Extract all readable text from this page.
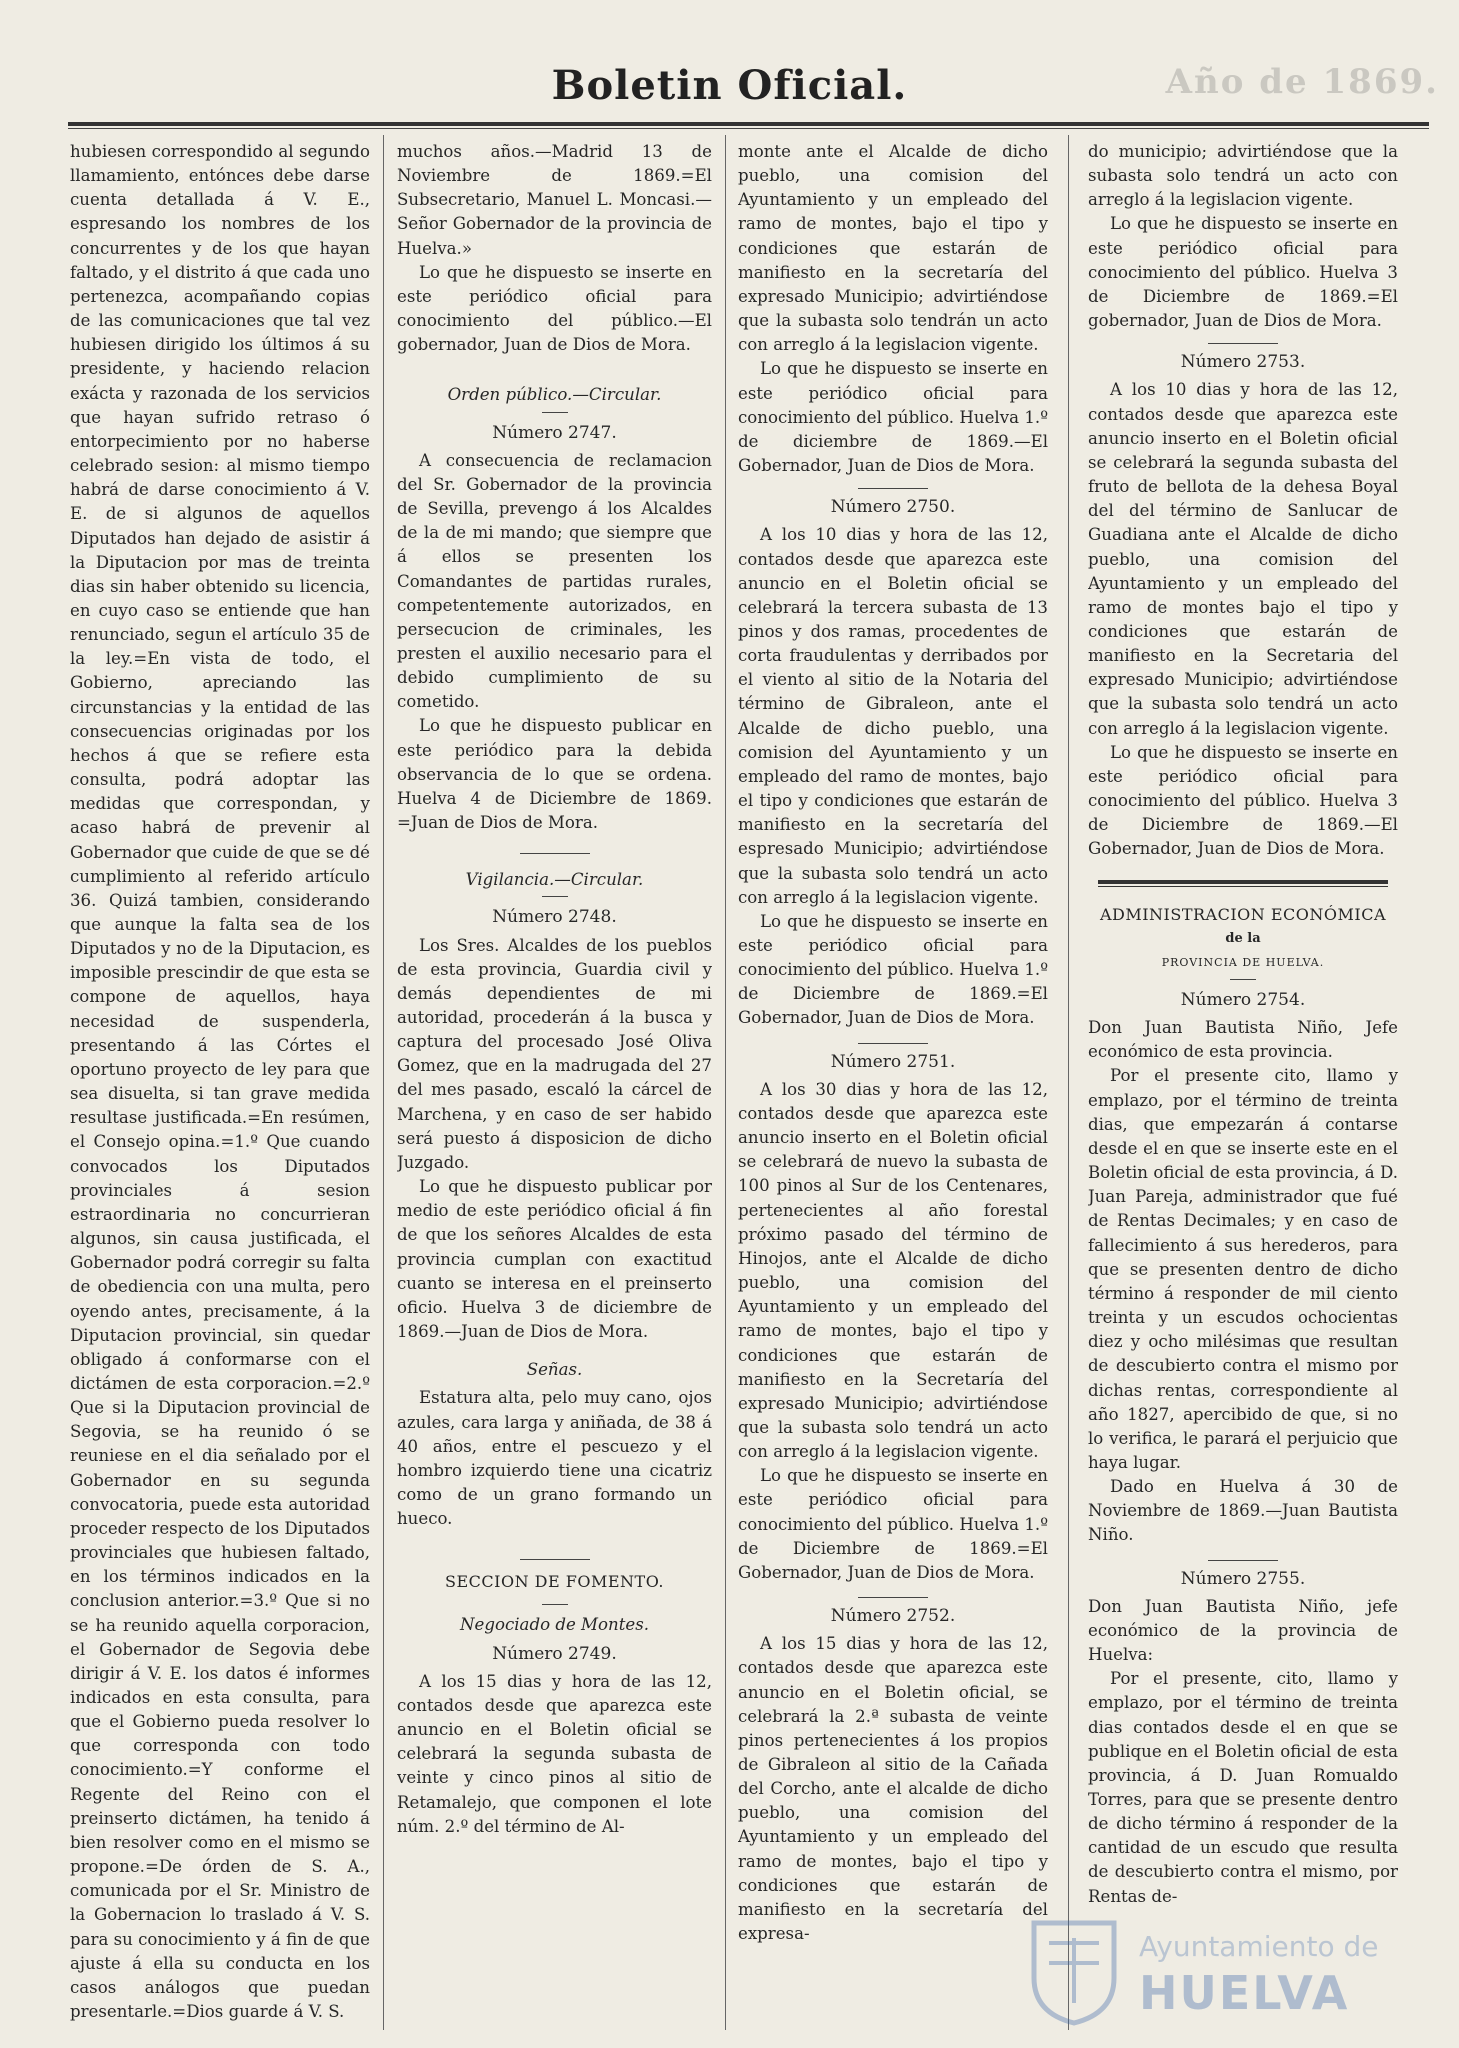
Boletin Oficial.	Año de 1869.

hubiesen correspondido al segundo llamamiento, entónces debe darse cuenta detallada á V. E., espresando los nombres de los concurrentes y de los que hayan faltado, y el distrito á que cada uno pertenezca, acompañando copias de las comunicaciones que tal vez hubiesen dirigido los últimos á su presidente, y haciendo relacion exácta y razonada de los servicios que hayan sufrido retraso ó entorpecimiento por no haberse celebrado sesion: al mismo tiempo habrá de darse conocimiento á V. E. de si algunos de aquellos Diputados han dejado de asistir á la Diputacion por mas de treinta dias sin haber obtenido su licencia, en cuyo caso se entiende que han renunciado, segun el artículo 35 de la ley.=En vista de todo, el Gobierno, apreciando las circunstancias y la entidad de las consecuencias originadas por los hechos á que se refiere esta consulta, podrá adoptar las medidas que correspondan, y acaso habrá de prevenir al Gobernador que cuide de que se dé cumplimiento al referido artículo 36. Quizá tambien, considerando que aunque la falta sea de los Diputados y no de la Diputacion, es imposible prescindir de que esta se compone de aquellos, haya necesidad de suspenderla, presentando á las Córtes el oportuno proyecto de ley para que sea disuelta, si tan grave medida resultase justificada.=En resúmen, el Consejo opina.=1.º Que cuando convocados los Diputados provinciales á sesion estraordinaria no concurrieran algunos, sin causa justificada, el Gobernador podrá corregir su falta de obediencia con una multa, pero oyendo antes, precisamente, á la Diputacion provincial, sin quedar obligado á conformarse con el dictámen de esta corporacion.=2.º Que si la Diputacion provincial de Segovia, se ha reunido ó se reuniese en el dia señalado por el Gobernador en su segunda convocatoria, puede esta autoridad proceder respecto de los Diputados provinciales que hubiesen faltado, en los términos indicados en la conclusion anterior.=3.º Que si no se ha reunido aquella corporacion, el Gobernador de Segovia debe dirigir á V. E. los datos é informes indicados en esta consulta, para que el Gobierno pueda resolver lo que corresponda con todo conocimiento.=Y conforme el Regente del Reino con el preinserto dictámen, ha tenido á bien resolver como en el mismo se propone.=De órden de S. A., comunicada por el Sr. Ministro de la Gobernacion lo traslado á V. S. para su conocimiento y á fin de que ajuste á ella su conducta en los casos análogos que puedan presentarle.=Dios guarde á V. S.

muchos años.—Madrid 13 de Noviembre de 1869.=El Subsecretario, Manuel L. Moncasi.—Señor Gobernador de la provincia de Huelva.»

Lo que he dispuesto se inserte en este periódico oficial para conocimiento del público.—El gobernador, Juan de Dios de Mora.

Orden público.—Circular.
Número 2747.

A consecuencia de reclamacion del Sr. Gobernador de la provincia de Sevilla, prevengo á los Alcaldes de la de mi mando; que siempre que á ellos se presenten los Comandantes de partidas rurales, competentemente autorizados, en persecucion de criminales, les presten el auxilio necesario para el debido cumplimiento de su cometido.

Lo que he dispuesto publicar en este periódico para la debida observancia de lo que se ordena. Huelva 4 de Diciembre de 1869. =Juan de Dios de Mora.

Vigilancia.—Circular.
Número 2748.

Los Sres. Alcaldes de los pueblos de esta provincia, Guardia civil y demás dependientes de mi autoridad, procederán á la busca y captura del procesado José Oliva Gomez, que en la madrugada del 27 del mes pasado, escaló la cárcel de Marchena, y en caso de ser habido será puesto á disposicion de dicho Juzgado.

Lo que he dispuesto publicar por medio de este periódico oficial á fin de que los señores Alcaldes de esta provincia cumplan con exactitud cuanto se interesa en el preinserto oficio. Huelva 3 de diciembre de 1869.—Juan de Dios de Mora.

Señas.

Estatura alta, pelo muy cano, ojos azules, cara larga y aniñada, de 38 á 40 años, entre el pescuezo y el hombro izquierdo tiene una cicatriz como de un grano formando un hueco.

SECCION DE FOMENTO.
Negociado de Montes.
Número 2749.

A los 15 dias y hora de las 12, contados desde que aparezca este anuncio en el Boletin oficial se celebrará la segunda subasta de veinte y cinco pinos al sitio de Retamalejo, que componen el lote núm. 2.º del término de Al-

monte ante el Alcalde de dicho pueblo, una comision del Ayuntamiento y un empleado del ramo de montes, bajo el tipo y condiciones que estarán de manifiesto en la secretaría del expresado Municipio; advirtiéndose que la subasta solo tendrán un acto con arreglo á la legislacion vigente.

Lo que he dispuesto se inserte en este periódico oficial para conocimiento del público. Huelva 1.º de diciembre de 1869.—El Gobernador, Juan de Dios de Mora.

Número 2750.

A los 10 dias y hora de las 12, contados desde que aparezca este anuncio en el Boletin oficial se celebrará la tercera subasta de 13 pinos y dos ramas, procedentes de corta fraudulentas y derribados por el viento al sitio de la Notaria del término de Gibraleon, ante el Alcalde de dicho pueblo, una comision del Ayuntamiento y un empleado del ramo de montes, bajo el tipo y condiciones que estarán de manifiesto en la secretaría del espresado Municipio; advirtiéndose que la subasta solo tendrá un acto con arreglo á la legislacion vigente.

Lo que he dispuesto se inserte en este periódico oficial para conocimiento del público. Huelva 1.º de Diciembre de 1869.=El Gobernador, Juan de Dios de Mora.

Número 2751.

A los 30 dias y hora de las 12, contados desde que aparezca este anuncio inserto en el Boletin oficial se celebrará de nuevo la subasta de 100 pinos al Sur de los Centenares, pertenecientes al año forestal próximo pasado del término de Hinojos, ante el Alcalde de dicho pueblo, una comision del Ayuntamiento y un empleado del ramo de montes, bajo el tipo y condiciones que estarán de manifiesto en la Secretaría del expresado Municipio; advirtiéndose que la subasta solo tendrá un acto con arreglo á la legislacion vigente.

Lo que he dispuesto se inserte en este periódico oficial para conocimiento del público. Huelva 1.º de Diciembre de 1869.=El Gobernador, Juan de Dios de Mora.

Número 2752.

A los 15 dias y hora de las 12, contados desde que aparezca este anuncio en el Boletin oficial, se celebrará la 2.ª subasta de veinte pinos pertenecientes á los propios de Gibraleon al sitio de la Cañada del Corcho, ante el alcalde de dicho pueblo, una comision del Ayuntamiento y un empleado del ramo de montes, bajo el tipo y condiciones que estarán de manifiesto en la secretaría del expresa-

do municipio; advirtiéndose que la subasta solo tendrá un acto con arreglo á la legislacion vigente.

Lo que he dispuesto se inserte en este periódico oficial para conocimiento del público. Huelva 3 de Diciembre de 1869.=El gobernador, Juan de Dios de Mora.

Número 2753.

A los 10 dias y hora de las 12, contados desde que aparezca este anuncio inserto en el Boletin oficial se celebrará la segunda subasta del fruto de bellota de la dehesa Boyal del del término de Sanlucar de Guadiana ante el Alcalde de dicho pueblo, una comision del Ayuntamiento y un empleado del ramo de montes bajo el tipo y condiciones que estarán de manifiesto en la Secretaria del expresado Municipio; advirtiéndose que la subasta solo tendrá un acto con arreglo á la legislacion vigente.

Lo que he dispuesto se inserte en este periódico oficial para conocimiento del público. Huelva 3 de Diciembre de 1869.—El Gobernador, Juan de Dios de Mora.

ADMINISTRACION ECONÓMICA
de la
PROVINCIA DE HUELVA.
Número 2754.

Don Juan Bautista Niño, Jefe económico de esta provincia.

Por el presente cito, llamo y emplazo, por el término de treinta dias, que empezarán á contarse desde el en que se inserte este en el Boletin oficial de esta provincia, á D. Juan Pareja, administrador que fué de Rentas Decimales; y en caso de fallecimiento á sus herederos, para que se presenten dentro de dicho término á responder de mil ciento treinta y un escudos ochocientas diez y ocho milésimas que resultan de descubierto contra el mismo por dichas rentas, correspondiente al año 1827, apercibido de que, si no lo verifica, le parará el perjuicio que haya lugar.

Dado en Huelva á 30 de Noviembre de 1869.—Juan Bautista Niño.

Número 2755.

Don Juan Bautista Niño, jefe económico de la provincia de Huelva:

Por el presente, cito, llamo y emplazo, por el término de treinta dias contados desde el en que se publique en el Boletin oficial de esta provincia, á D. Juan Romualdo Torres, para que se presente dentro de dicho término á responder de la cantidad de un escudo que resulta de descubierto contra el mismo, por Rentas de-

Ayuntamiento de
HUELVA
